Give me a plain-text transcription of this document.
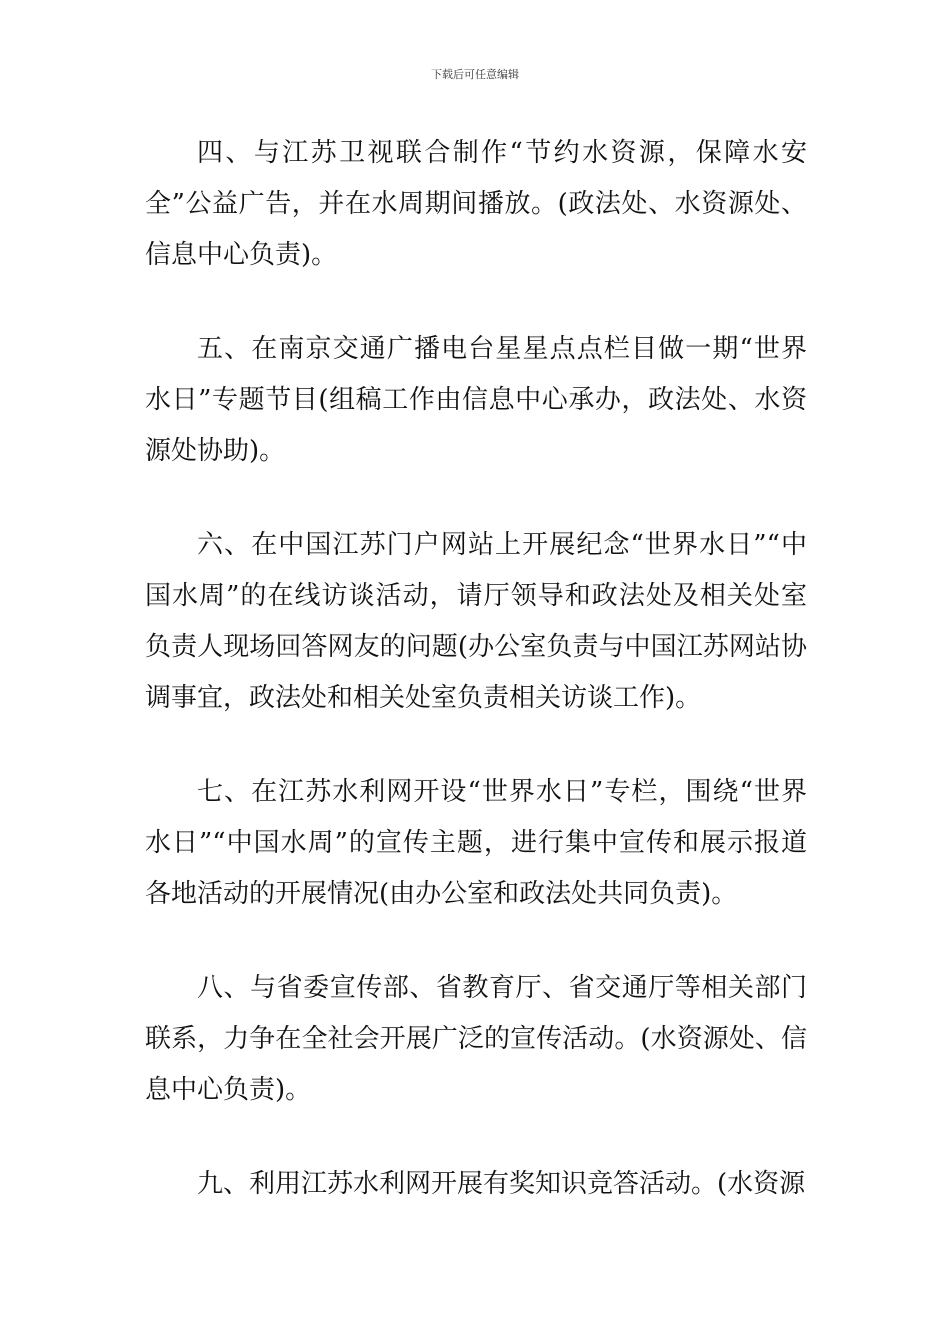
下载后可任意编辑

四、与江苏卫视联合制作“节约水资源，保障水安全”公益广告，并在水周期间播放。(政法处、水资源处、信息中心负责)。

五、在南京交通广播电台星星点点栏目做一期“世界水日”专题节目(组稿工作由信息中心承办，政法处、水资源处协助)。

六、在中国江苏门户网站上开展纪念“世界水日”“中国水周”的在线访谈活动，请厅领导和政法处及相关处室负责人现场回答网友的问题(办公室负责与中国江苏网站协调事宜，政法处和相关处室负责相关访谈工作)。

七、在江苏水利网开设“世界水日”专栏，围绕“世界水日”“中国水周”的宣传主题，进行集中宣传和展示报道各地活动的开展情况(由办公室和政法处共同负责)。

八、与省委宣传部、省教育厅、省交通厅等相关部门联系，力争在全社会开展广泛的宣传活动。(水资源处、信息中心负责)。

九、利用江苏水利网开展有奖知识竞答活动。(水资源
